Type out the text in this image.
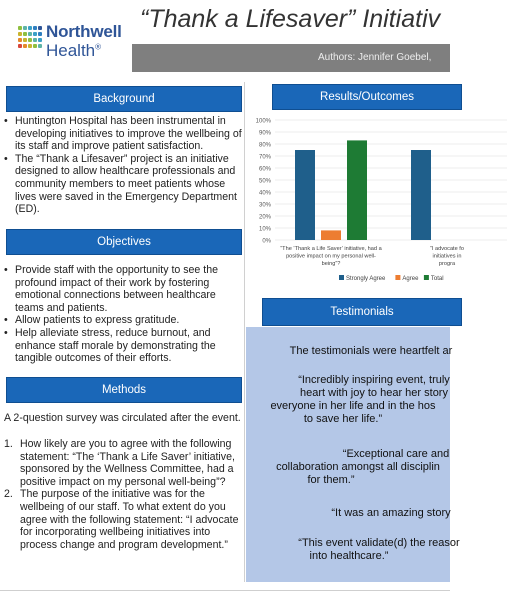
Northwell
Health®
“Thank a Lifesaver” Initiativ
Authors: Jennifer Goebel,
Background
• Huntington Hospital has been instrumental in developing initiatives to improve the wellbeing of its staff and improve patient satisfaction.
• The “Thank a Lifesaver” project is an initiative designed to allow healthcare professionals and community members to meet patients whose lives were saved in the Emergency Department (ED).
Objectives
• Provide staff with the opportunity to see the profound impact of their work by fostering emotional connections between healthcare teams and patients.
• Allow patients to express gratitude.
• Help alleviate stress, reduce burnout, and enhance staff morale by demonstrating the tangible outcomes of their efforts.
Methods
A 2-question survey was circulated after the event.
1. How likely are you to agree with the following statement: “The ‘Thank a Life Saver’ initiative, sponsored by the Wellness Committee, had a positive impact on my personal well-being”?
2. The purpose of the initiative was for the wellbeing of our staff. To what extent do you agree with the following statement: “I advocate for incorporating wellbeing initiatives into process change and program development.”
Results/Outcomes
100%
90%
80%
70%
60%
50%
40%
30%
20%
10%
0%
“The ‘Thank a Life Saver’ initiative, had a
positive impact on my personal well-
being”?
“I advocate fo
initiatives in
progra
Strongly Agree	Agree Total
The testimonials were heartfelt ar
“Incredibly inspiring event, truly
heart with joy to hear her story
everyone in her life and in the hos
to save her life.”
“Exceptional care and
collaboration amongst all disciplin
for them.”
“It was an amazing story
“This event validate(d) the reasor
into healthcare.”
Testimonials
